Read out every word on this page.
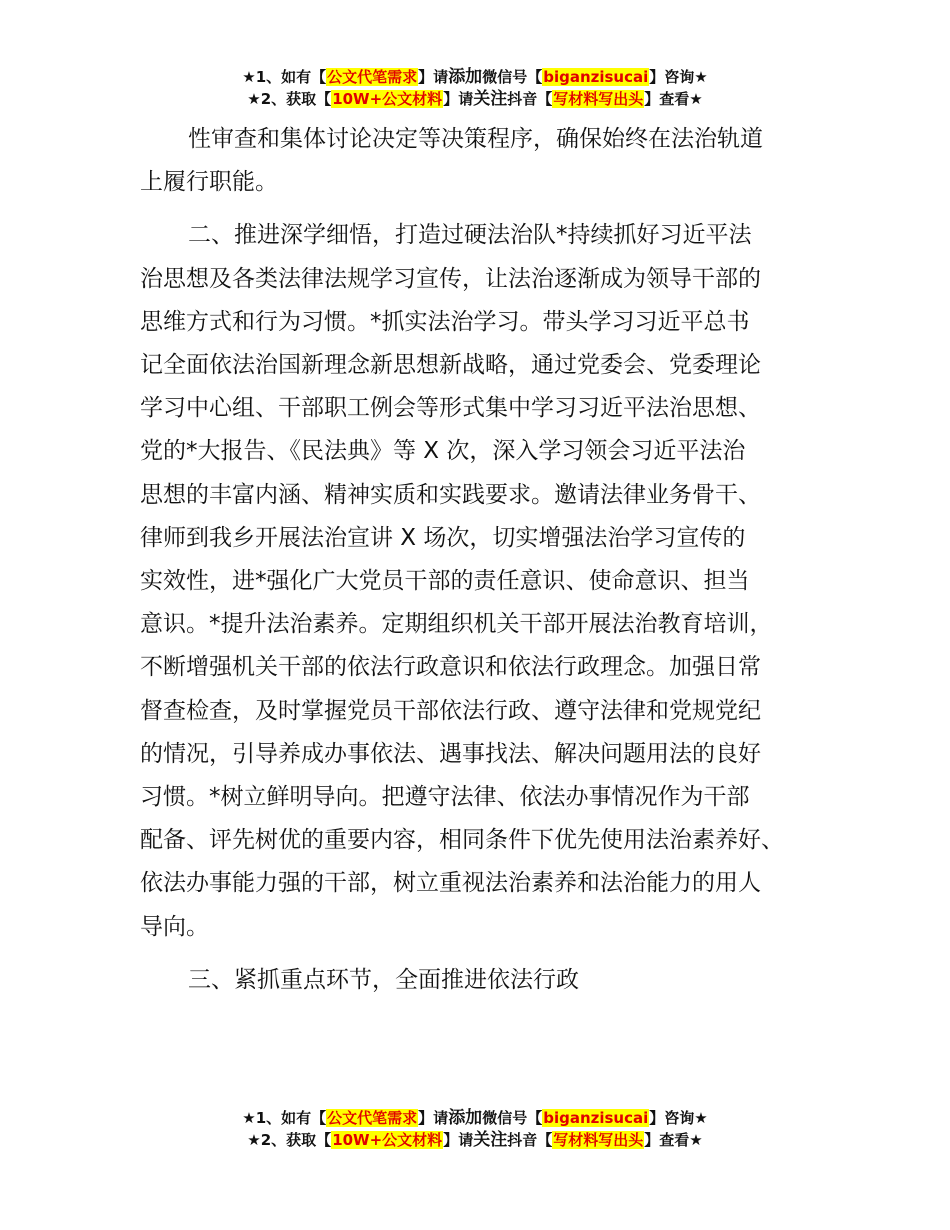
★1、如有【公文代笔需求】请添加微信号【biganzisucai】咨询★
★2、获取【10W+公文材料】请关注抖音【写材料写出头】查看★
性审查和集体讨论决定等决策程序，确保始终在法治轨道
上履行职能。
二、推进深学细悟，打造过硬法治队*持续抓好习近平法
治思想及各类法律法规学习宣传，让法治逐渐成为领导干部的
思维方式和行为习惯。*抓实法治学习。带头学习习近平总书
记全面依法治国新理念新思想新战略，通过党委会、党委理论
学习中心组、干部职工例会等形式集中学习习近平法治思想、
党的*大报告、《民法典》等 X 次，深入学习领会习近平法治
思想的丰富内涵、精神实质和实践要求。邀请法律业务骨干、
律师到我乡开展法治宣讲 X 场次，切实增强法治学习宣传的
实效性，进*强化广大党员干部的责任意识、使命意识、担当
意识。*提升法治素养。定期组织机关干部开展法治教育培训，
不断增强机关干部的依法行政意识和依法行政理念。加强日常
督查检查，及时掌握党员干部依法行政、遵守法律和党规党纪
的情况，引导养成办事依法、遇事找法、解决问题用法的良好
习惯。*树立鲜明导向。把遵守法律、依法办事情况作为干部
配备、评先树优的重要内容，相同条件下优先使用法治素养好、
依法办事能力强的干部，树立重视法治素养和法治能力的用人
导向。
三、紧抓重点环节，全面推进依法行政
★1、如有【公文代笔需求】请添加微信号【biganzisucai】咨询★
★2、获取【10W+公文材料】请关注抖音【写材料写出头】查看★
